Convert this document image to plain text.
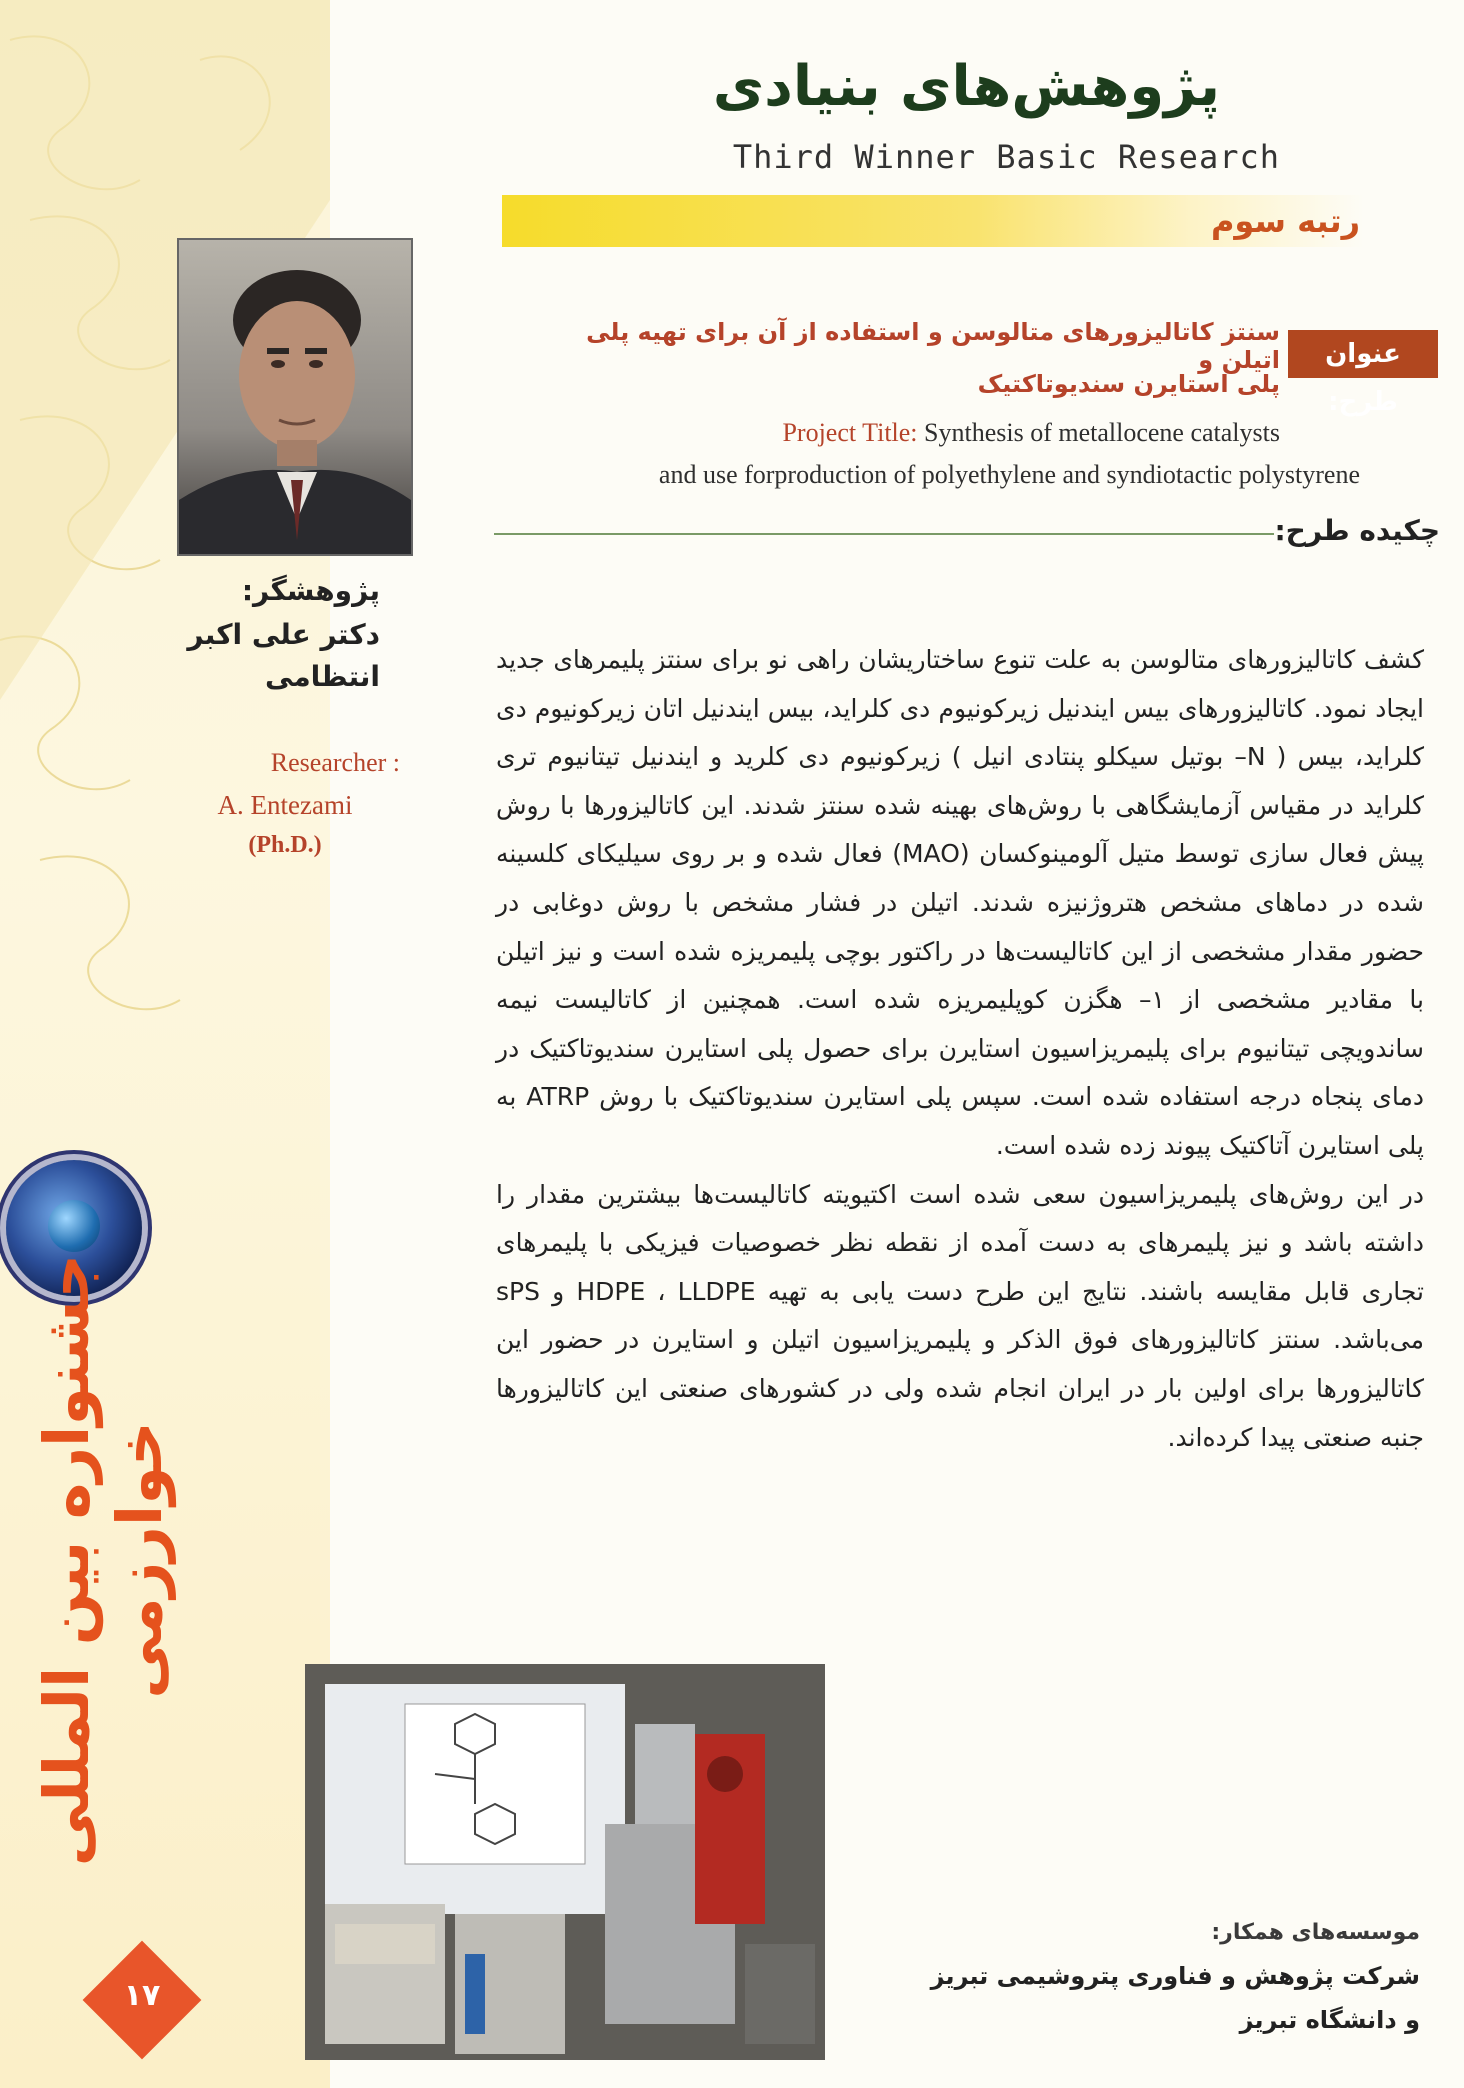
جشنواره بین المللی خوارزمی
۱۷
پژوهش‌های بنیادی
Third Winner Basic Research
رتبه سوم
پژوهشگر:
دکتر علی اکبر
انتظامی
Researcher :
A. Entezami
(Ph.D.)
عنوان طرح:
سنتز کاتالیزورهای متالوسن و استفاده از آن برای تهیه پلی اتیلن و
پلی استایرن سندیوتاکتیک
Project Title: Synthesis of metallocene catalysts
and use forproduction of polyethylene and syndiotactic polystyrene
چکیده طرح:

کشف کاتالیزورهای متالوسن به علت تنوع ساختاریشان راهی نو برای سنتز پلیمرهای جدید ایجاد نمود. کاتالیزورهای بیس ایندنیل زیرکونیوم دی کلراید، بیس ایندنیل اتان زیرکونیوم دی کلراید، بیس ( N– بوتیل سیکلو پنتادی انیل ) زیرکونیوم دی کلرید و ایندنیل تیتانیوم تری کلراید در مقیاس آزمایشگاهی با روش‌های بهینه شده سنتز شدند. این کاتالیزورها با روش پیش فعال سازی توسط متیل آلومینوکسان (MAO) فعال شده و بر روی سیلیکای کلسینه شده در دماهای مشخص هتروژنیزه شدند. اتیلن در فشار مشخص با روش دوغابی در حضور مقدار مشخصی از این کاتالیست‌ها در راکتور بوچی پلیمریزه شده است و نیز اتیلن با مقادیر مشخصی از ۱– هگزن کوپلیمریزه شده است. همچنین از کاتالیست نیمه ساندویچی تیتانیوم برای پلیمریزاسیون استایرن برای حصول پلی استایرن سندیوتاکتیک در دمای پنجاه درجه استفاده شده است. سپس پلی استایرن سندیوتاکتیک با روش ATRP به پلی استایرن آتاکتیک پیوند زده شده است.

در این روش‌های پلیمریزاسیون سعی شده است اکتیویته کاتالیست‌ها بیشترین مقدار را داشته باشد و نیز پلیمرهای به دست آمده از نقطه نظر خصوصیات فیزیکی با پلیمرهای تجاری قابل مقایسه باشند. نتایج این طرح دست یابی به تهیه HDPE ، LLDPE و sPS می‌باشد. سنتز کاتالیزورهای فوق الذکر و پلیمریزاسیون اتیلن و استایرن در حضور این کاتالیزورها برای اولین بار در ایران انجام شده ولی در کشورهای صنعتی این کاتالیزورها جنبه صنعتی پیدا کرده‌اند.

موسسه‌های همکار:
شرکت پژوهش و فناوری پتروشیمی تبریز
و دانشگاه تبریز
